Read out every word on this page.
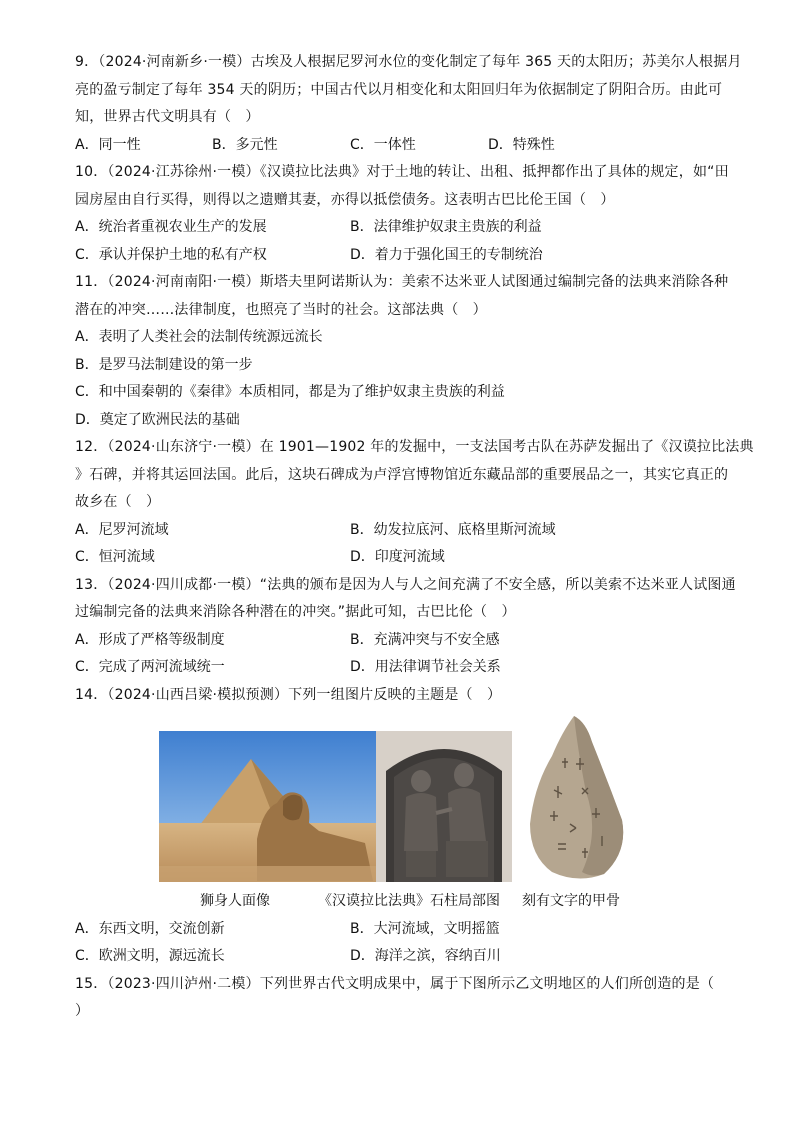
9．（2024·河南新乡·一模）古埃及人根据尼罗河水位的变化制定了每年 365 天的太阳历；苏美尔人根据月
亮的盈亏制定了每年 354 天的阴历；中国古代以月相变化和太阳回归年为依据制定了阴阳合历。由此可
知，世界古代文明具有（　）
A．同一性	B．多元性	C．一体性	D．特殊性
10．（2024·江苏徐州·一模）《汉谟拉比法典》对于土地的转让、出租、抵押都作出了具体的规定，如“田
园房屋由自行买得，则得以之遗赠其妻，亦得以抵偿债务。这表明古巴比伦王国（　）
A．统治者重视农业生产的发展	B．法律维护奴隶主贵族的利益
C．承认并保护土地的私有产权	D．着力于强化国王的专制统治
11．（2024·河南南阳·一模）斯塔夫里阿诺斯认为：美索不达米亚人试图通过编制完备的法典来消除各种
潜在的冲突……法律制度，也照亮了当时的社会。这部法典（　）
A．表明了人类社会的法制传统源远流长
B．是罗马法制建设的第一步
C．和中国秦朝的《秦律》本质相同，都是为了维护奴隶主贵族的利益
D．奠定了欧洲民法的基础
12．（2024·山东济宁·一模）在 1901—1902 年的发掘中，一支法国考古队在苏萨发掘出了《汉谟拉比法典
》石碑，并将其运回法国。此后，这块石碑成为卢浮宫博物馆近东藏品部的重要展品之一，其实它真正的
故乡在（　）
A．尼罗河流域	B．幼发拉底河、底格里斯河流域
C．恒河流域	D．印度河流域
13．（2024·四川成都·一模）“法典的颁布是因为人与人之间充满了不安全感，所以美索不达米亚人试图通
过编制完备的法典来消除各种潜在的冲突。”据此可知，古巴比伦（　）
A．形成了严格等级制度	B．充满冲突与不安全感
C．完成了两河流域统一	D．用法律调节社会关系
14．（2024·山西吕梁·模拟预测）下列一组图片反映的主题是（　）
狮身人面像	《汉谟拉比法典》石柱局部图 刻有文字的甲骨
A．东西文明，交流创新	B．大河流域，文明摇篮
C．欧洲文明，源远流长	D．海洋之滨，容纳百川
15．（2023·四川泸州·二模）下列世界古代文明成果中，属于下图所示乙文明地区的人们所创造的是（
）
